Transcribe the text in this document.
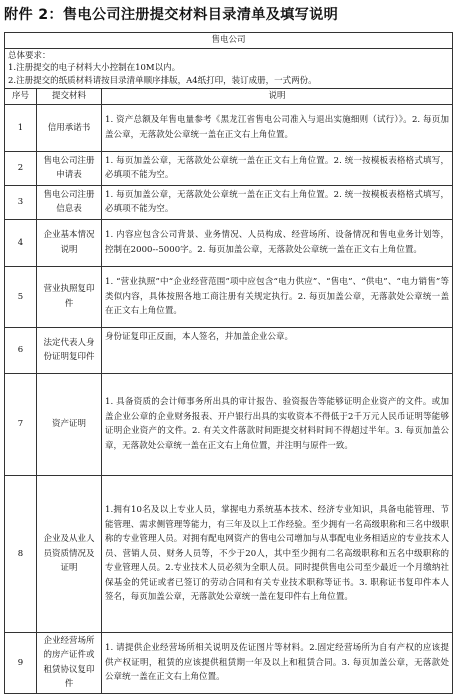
附件 2：售电公司注册提交材料目录清单及填写说明
售电公司		

总体要求：
1.注册提交的电子材料大小控制在10M以内。
2.注册提交的纸质材料请按目录清单顺序排版，A4纸打印，装订成册，一式两份。		

序号	提交材料	说明
1	信用承诺书	1. 资产总额及年售电量参考《黑龙江省售电公司准入与退出实施细则（试行）》。2. 每页加盖公章，无落款处公章统一盖在正文右上角位置。
2	售电公司注册申请表	1. 每页加盖公章，无落款处公章统一盖在正文右上角位置。2. 统一按模板表格格式填写，必填项不能为空。
3	售电公司注册信息表	1. 每页加盖公章，无落款处公章统一盖在正文右上角位置。2. 统一按模板表格格式填写，必填项不能为空。
4	企业基本情况说明	1. 内容应包含公司背景、业务情况、人员构成、经营场所、设备情况和售电业务计划等，控制在2000--5000字。2. 每页加盖公章，无落款处公章统一盖在正文右上角位置。
5	营业执照复印件	1. “营业执照”中“企业经营范围”项中应包含“电力供应”、“售电”、“供电”、“电力销售”等类似内容，具体按照各地工商注册有关规定执行。2. 每页加盖公章，无落款处公章统一盖在正文右上角位置。
6	法定代表人身份证明复印件	身份证复印正反面，本人签名，并加盖企业公章。
7	资产证明	1. 具备资质的会计师事务所出具的审计报告、验资报告等能够证明企业资产的文件。或加盖企业公章的企业财务报表、开户银行出具的实收资本不得低于2千万元人民币证明等能够证明企业资产的文件。2. 有关文件落款时间距提交材料时间不得超过半年。3. 每页加盖公章，无落款处公章统一盖在正文右上角位置，并注明与原件一致。
8	企业及从业人员资质情况及证明	1.拥有10名及以上专业人员，掌握电力系统基本技术、经济专业知识，具备电能管理、节能管理、需求侧管理等能力，有三年及以上工作经验。至少拥有一名高级职称和三名中级职称的专业管理人员。对拥有配电网资产的售电公司增加与从事配电业务相适应的专业技术人员、营销人员、财务人员等，不少于20人，其中至少拥有二名高级职称和五名中级职称的专业管理人员。2.专业技术人员必须为全职人员。同时提供售电公司至少最近一个月缴纳社保基金的凭证或者已签订的劳动合同和有关专业技术职称等证书。3. 职称证书复印件本人签名，每页加盖公章，无落款处公章统一盖在复印件右上角位置。
9	企业经营场所的房产证件或租赁协议复印件	1. 请提供企业经营场所相关说明及佐证图片等材料。2.固定经营场所为自有产权的应该提供产权证明，租赁的应该提供租赁期一年及以上和租赁合同。3. 每页加盖公章，无落款处公章统一盖在正文右上角位置。
